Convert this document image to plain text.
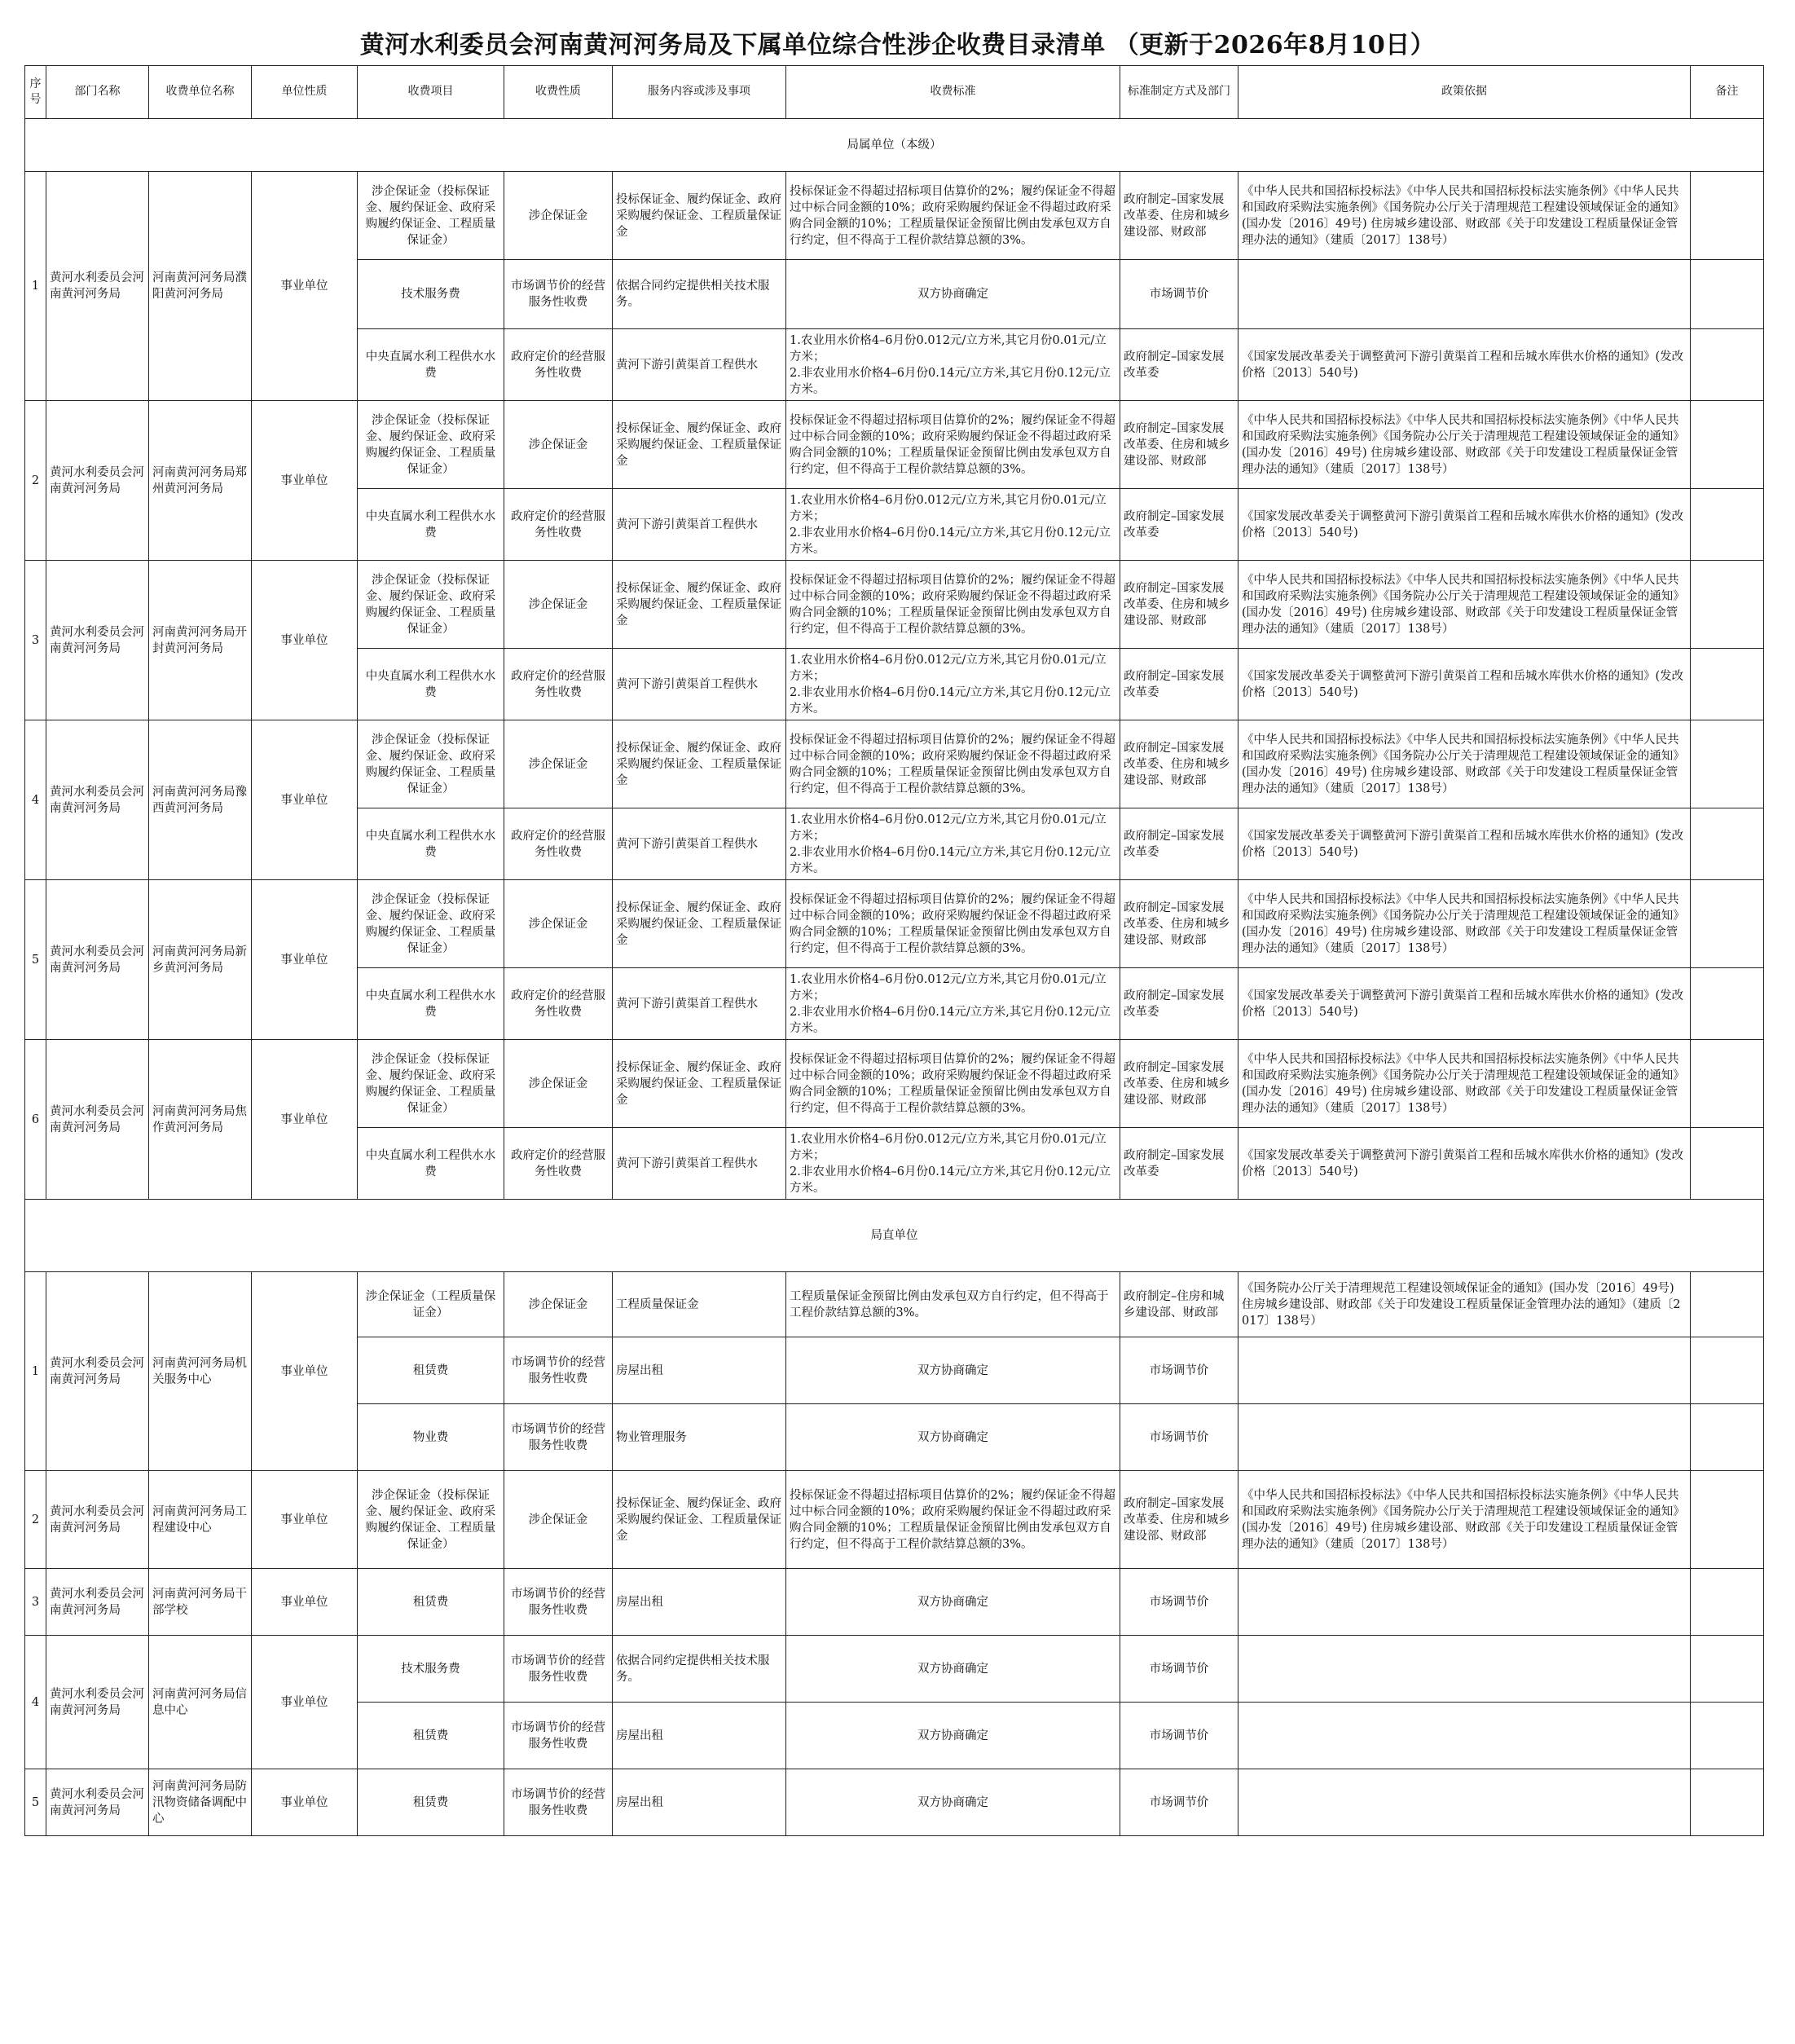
黄河水利委员会河南黄河河务局及下属单位综合性涉企收费目录清单 （更新于2026年8月10日）
序号	部门名称	收费单位名称	单位性质	收费项目	收费性质	服务内容或涉及事项	收费标准	标准制定方式及部门	政策依据	备注
局属单位（本级）										
1	黄河水利委员会河南黄河河务局	河南黄河河务局濮阳黄河河务局	事业单位	涉企保证金（投标保证金、履约保证金、政府采购履约保证金、工程质量保证金）	涉企保证金	投标保证金、履约保证金、政府采购履约保证金、工程质量保证金	投标保证金不得超过招标项目估算价的2%；履约保证金不得超过中标合同金额的10%；政府采购履约保证金不得超过政府采购合同金额的10%；工程质量保证金预留比例由发承包双方自行约定，但不得高于工程价款结算总额的3%。	政府制定–国家发展改革委、住房和城乡建设部、财政部	《中华人民共和国招标投标法》《中华人民共和国招标投标法实施条例》《中华人民共和国政府采购法实施条例》《国务院办公厅关于清理规范工程建设领域保证金的通知》(国办发〔2016〕49号) 住房城乡建设部、财政部《关于印发建设工程质量保证金管理办法的通知》（建质〔2017〕138号）	
				技术服务费	市场调节价的经营服务性收费	依据合同约定提供相关技术服务。	双方协商确定	市场调节价		
				中央直属水利工程供水水费	政府定价的经营服务性收费	黄河下游引黄渠首工程供水	1.农业用水价格4–6月份0.012元/立方米,其它月份0.01元/立方米；
2.非农业用水价格4–6月份0.14元/立方米,其它月份0.12元/立方米。	政府制定–国家发展改革委	《国家发展改革委关于调整黄河下游引黄渠首工程和岳城水库供水价格的通知》(发改价格〔2013〕540号)	
2	黄河水利委员会河南黄河河务局	河南黄河河务局郑州黄河河务局	事业单位	涉企保证金（投标保证金、履约保证金、政府采购履约保证金、工程质量保证金）	涉企保证金	投标保证金、履约保证金、政府采购履约保证金、工程质量保证金	投标保证金不得超过招标项目估算价的2%；履约保证金不得超过中标合同金额的10%；政府采购履约保证金不得超过政府采购合同金额的10%；工程质量保证金预留比例由发承包双方自行约定，但不得高于工程价款结算总额的3%。	政府制定–国家发展改革委、住房和城乡建设部、财政部	《中华人民共和国招标投标法》《中华人民共和国招标投标法实施条例》《中华人民共和国政府采购法实施条例》《国务院办公厅关于清理规范工程建设领域保证金的通知》(国办发〔2016〕49号) 住房城乡建设部、财政部《关于印发建设工程质量保证金管理办法的通知》（建质〔2017〕138号）	
				中央直属水利工程供水水费	政府定价的经营服务性收费	黄河下游引黄渠首工程供水	1.农业用水价格4–6月份0.012元/立方米,其它月份0.01元/立方米；
2.非农业用水价格4–6月份0.14元/立方米,其它月份0.12元/立方米。	政府制定–国家发展改革委	《国家发展改革委关于调整黄河下游引黄渠首工程和岳城水库供水价格的通知》(发改价格〔2013〕540号)	
3	黄河水利委员会河南黄河河务局	河南黄河河务局开封黄河河务局	事业单位	涉企保证金（投标保证金、履约保证金、政府采购履约保证金、工程质量保证金）	涉企保证金	投标保证金、履约保证金、政府采购履约保证金、工程质量保证金	投标保证金不得超过招标项目估算价的2%；履约保证金不得超过中标合同金额的10%；政府采购履约保证金不得超过政府采购合同金额的10%；工程质量保证金预留比例由发承包双方自行约定，但不得高于工程价款结算总额的3%。	政府制定–国家发展改革委、住房和城乡建设部、财政部	《中华人民共和国招标投标法》《中华人民共和国招标投标法实施条例》《中华人民共和国政府采购法实施条例》《国务院办公厅关于清理规范工程建设领域保证金的通知》(国办发〔2016〕49号) 住房城乡建设部、财政部《关于印发建设工程质量保证金管理办法的通知》（建质〔2017〕138号）	
				中央直属水利工程供水水费	政府定价的经营服务性收费	黄河下游引黄渠首工程供水	1.农业用水价格4–6月份0.012元/立方米,其它月份0.01元/立方米；
2.非农业用水价格4–6月份0.14元/立方米,其它月份0.12元/立方米。	政府制定–国家发展改革委	《国家发展改革委关于调整黄河下游引黄渠首工程和岳城水库供水价格的通知》(发改价格〔2013〕540号)	
4	黄河水利委员会河南黄河河务局	河南黄河河务局豫西黄河河务局	事业单位	涉企保证金（投标保证金、履约保证金、政府采购履约保证金、工程质量保证金）	涉企保证金	投标保证金、履约保证金、政府采购履约保证金、工程质量保证金	投标保证金不得超过招标项目估算价的2%；履约保证金不得超过中标合同金额的10%；政府采购履约保证金不得超过政府采购合同金额的10%；工程质量保证金预留比例由发承包双方自行约定，但不得高于工程价款结算总额的3%。	政府制定–国家发展改革委、住房和城乡建设部、财政部	《中华人民共和国招标投标法》《中华人民共和国招标投标法实施条例》《中华人民共和国政府采购法实施条例》《国务院办公厅关于清理规范工程建设领域保证金的通知》(国办发〔2016〕49号) 住房城乡建设部、财政部《关于印发建设工程质量保证金管理办法的通知》（建质〔2017〕138号）	
				中央直属水利工程供水水费	政府定价的经营服务性收费	黄河下游引黄渠首工程供水	1.农业用水价格4–6月份0.012元/立方米,其它月份0.01元/立方米；
2.非农业用水价格4–6月份0.14元/立方米,其它月份0.12元/立方米。	政府制定–国家发展改革委	《国家发展改革委关于调整黄河下游引黄渠首工程和岳城水库供水价格的通知》(发改价格〔2013〕540号)	
5	黄河水利委员会河南黄河河务局	河南黄河河务局新乡黄河河务局	事业单位	涉企保证金（投标保证金、履约保证金、政府采购履约保证金、工程质量保证金）	涉企保证金	投标保证金、履约保证金、政府采购履约保证金、工程质量保证金	投标保证金不得超过招标项目估算价的2%；履约保证金不得超过中标合同金额的10%；政府采购履约保证金不得超过政府采购合同金额的10%；工程质量保证金预留比例由发承包双方自行约定，但不得高于工程价款结算总额的3%。	政府制定–国家发展改革委、住房和城乡建设部、财政部	《中华人民共和国招标投标法》《中华人民共和国招标投标法实施条例》《中华人民共和国政府采购法实施条例》《国务院办公厅关于清理规范工程建设领域保证金的通知》(国办发〔2016〕49号) 住房城乡建设部、财政部《关于印发建设工程质量保证金管理办法的通知》（建质〔2017〕138号）	
				中央直属水利工程供水水费	政府定价的经营服务性收费	黄河下游引黄渠首工程供水	1.农业用水价格4–6月份0.012元/立方米,其它月份0.01元/立方米；
2.非农业用水价格4–6月份0.14元/立方米,其它月份0.12元/立方米。	政府制定–国家发展改革委	《国家发展改革委关于调整黄河下游引黄渠首工程和岳城水库供水价格的通知》(发改价格〔2013〕540号)	
6	黄河水利委员会河南黄河河务局	河南黄河河务局焦作黄河河务局	事业单位	涉企保证金（投标保证金、履约保证金、政府采购履约保证金、工程质量保证金）	涉企保证金	投标保证金、履约保证金、政府采购履约保证金、工程质量保证金	投标保证金不得超过招标项目估算价的2%；履约保证金不得超过中标合同金额的10%；政府采购履约保证金不得超过政府采购合同金额的10%；工程质量保证金预留比例由发承包双方自行约定，但不得高于工程价款结算总额的3%。	政府制定–国家发展改革委、住房和城乡建设部、财政部	《中华人民共和国招标投标法》《中华人民共和国招标投标法实施条例》《中华人民共和国政府采购法实施条例》《国务院办公厅关于清理规范工程建设领域保证金的通知》(国办发〔2016〕49号) 住房城乡建设部、财政部《关于印发建设工程质量保证金管理办法的通知》（建质〔2017〕138号）	
				中央直属水利工程供水水费	政府定价的经营服务性收费	黄河下游引黄渠首工程供水	1.农业用水价格4–6月份0.012元/立方米,其它月份0.01元/立方米；
2.非农业用水价格4–6月份0.14元/立方米,其它月份0.12元/立方米。	政府制定–国家发展改革委	《国家发展改革委关于调整黄河下游引黄渠首工程和岳城水库供水价格的通知》(发改价格〔2013〕540号)	
局直单位										
1	黄河水利委员会河南黄河河务局	河南黄河河务局机关服务中心	事业单位	涉企保证金（工程质量保证金）	涉企保证金	工程质量保证金	工程质量保证金预留比例由发承包双方自行约定，但不得高于工程价款结算总额的3%。	政府制定–住房和城乡建设部、财政部	《国务院办公厅关于清理规范工程建设领域保证金的通知》(国办发〔2016〕49号) 住房城乡建设部、财政部《关于印发建设工程质量保证金管理办法的通知》（建质〔2017〕138号）	
				租赁费	市场调节价的经营服务性收费	房屋出租	双方协商确定	市场调节价		
				物业费	市场调节价的经营服务性收费	物业管理服务	双方协商确定	市场调节价		
2	黄河水利委员会河南黄河河务局	河南黄河河务局工程建设中心	事业单位	涉企保证金（投标保证金、履约保证金、政府采购履约保证金、工程质量保证金）	涉企保证金	投标保证金、履约保证金、政府采购履约保证金、工程质量保证金	投标保证金不得超过招标项目估算价的2%；履约保证金不得超过中标合同金额的10%；政府采购履约保证金不得超过政府采购合同金额的10%；工程质量保证金预留比例由发承包双方自行约定，但不得高于工程价款结算总额的3%。	政府制定–国家发展改革委、住房和城乡建设部、财政部	《中华人民共和国招标投标法》《中华人民共和国招标投标法实施条例》《中华人民共和国政府采购法实施条例》《国务院办公厅关于清理规范工程建设领域保证金的通知》(国办发〔2016〕49号) 住房城乡建设部、财政部《关于印发建设工程质量保证金管理办法的通知》（建质〔2017〕138号）	
3	黄河水利委员会河南黄河河务局	河南黄河河务局干部学校	事业单位	租赁费	市场调节价的经营服务性收费	房屋出租	双方协商确定	市场调节价		
4	黄河水利委员会河南黄河河务局	河南黄河河务局信息中心	事业单位	技术服务费	市场调节价的经营服务性收费	依据合同约定提供相关技术服务。	双方协商确定	市场调节价		
				租赁费	市场调节价的经营服务性收费	房屋出租	双方协商确定	市场调节价		
5	黄河水利委员会河南黄河河务局	河南黄河河务局防汛物资储备调配中心	事业单位	租赁费	市场调节价的经营服务性收费	房屋出租	双方协商确定	市场调节价		
